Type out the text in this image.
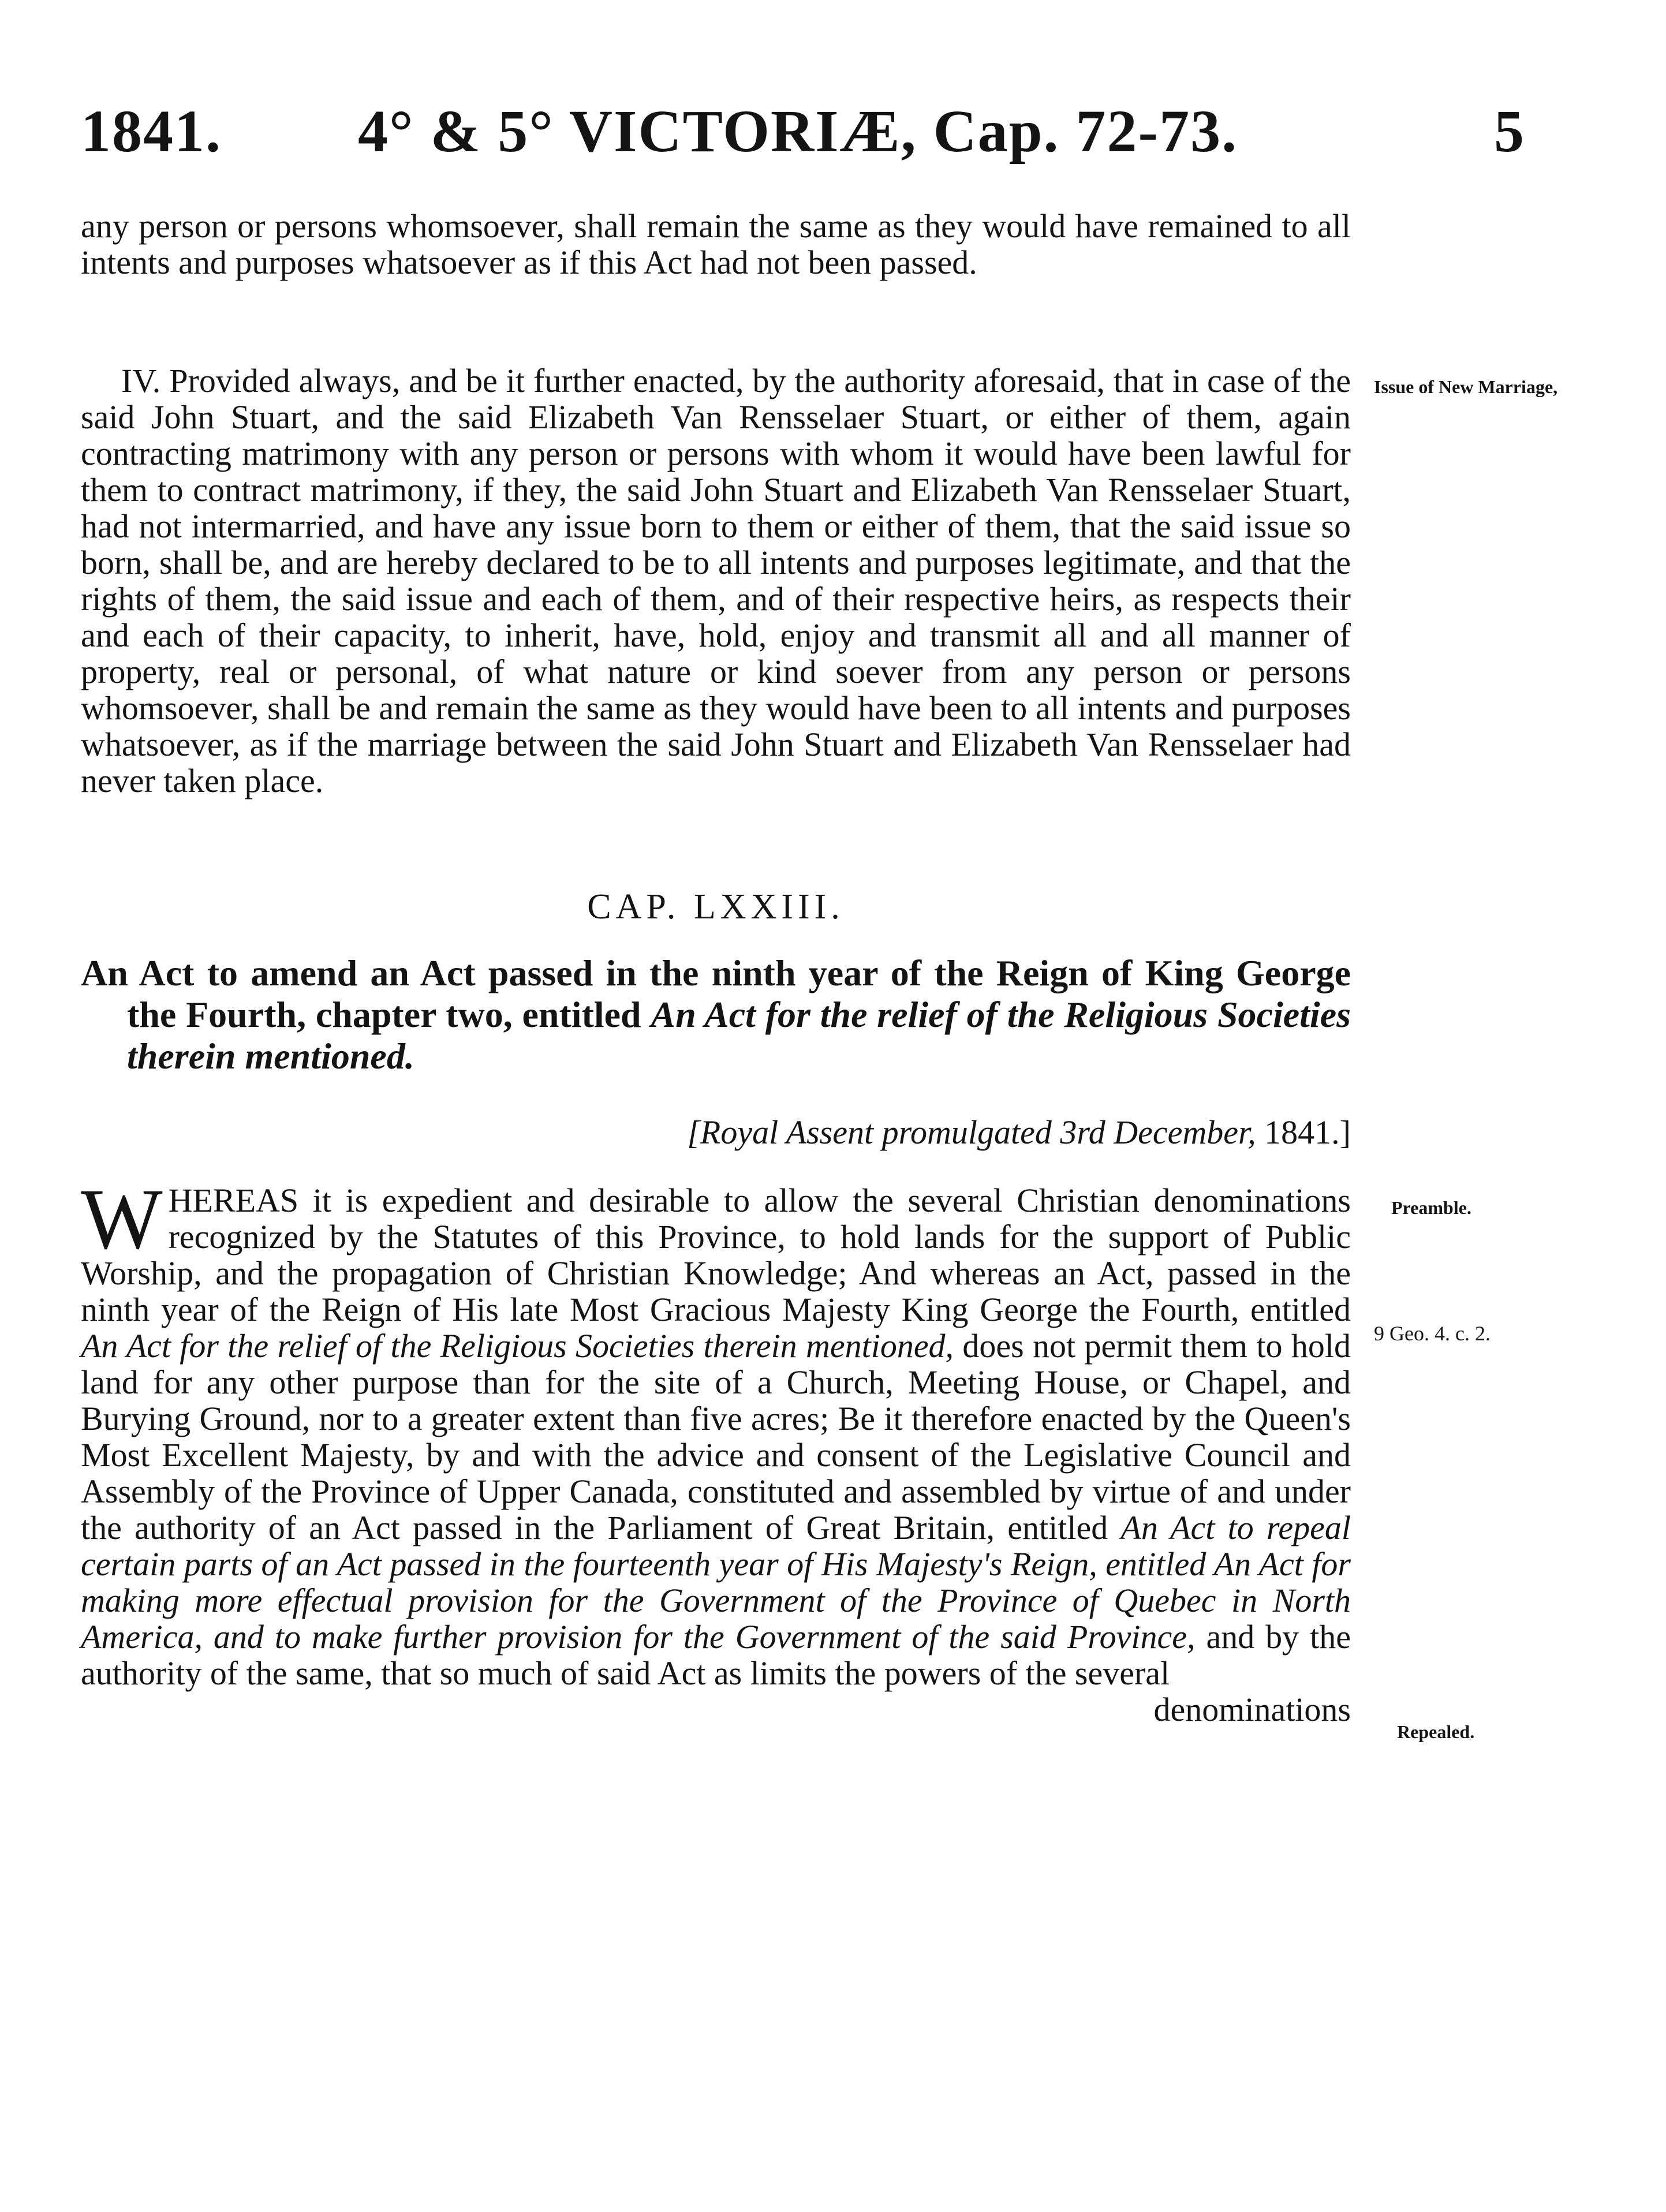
1841. 4° & 5° VICTORIÆ, Cap. 72-73.	5

any person or persons whomsoever, shall remain the same as they would have remained to all intents and purposes whatsoever as if this Act had not been passed.

IV. Provided always, and be it further enacted, by the authority aforesaid, that in case of the said John Stuart, and the said Elizabeth Van Rensselaer Stuart, or either of them, again contracting matrimony with any person or persons with whom it would have been lawful for them to contract matrimony, if they, the said John Stuart and Elizabeth Van Rensselaer Stuart, had not intermarried, and have any issue born to them or either of them, that the said issue so born, shall be, and are hereby declared to be to all intents and purposes legitimate, and that the rights of them, the said issue and each of them, and of their respective heirs, as respects their and each of their capacity, to inherit, have, hold, enjoy and transmit all and all manner of property, real or personal, of what nature or kind soever from any person or persons whomsoever, shall be and remain the same as they would have been to all intents and purposes whatsoever, as if the marriage between the said John Stuart and Elizabeth Van Rensselaer had never taken place.

Issue of New Marriage,
CAP. LXXIII.
An Act to amend an Act passed in the ninth year of the Reign of King George the Fourth, chapter two, entitled An Act for the relief of the Religious Societies therein mentioned.
[Royal Assent promulgated 3rd December, 1841.]

WHEREAS it is expedient and desirable to allow the several Christian denominations recognized by the Statutes of this Province, to hold lands for the support of Public Worship, and the propagation of Christian Knowledge; And whereas an Act, passed in the ninth year of the Reign of His late Most Gracious Majesty King George the Fourth, entitled An Act for the relief of the Religious Societies therein mentioned, does not permit them to hold land for any other purpose than for the site of a Church, Meeting House, or Chapel, and Burying Ground, nor to a greater extent than five acres; Be it therefore enacted by the Queen's Most Excellent Majesty, by and with the advice and consent of the Legislative Council and Assembly of the Province of Upper Canada, constituted and assembled by virtue of and under the authority of an Act passed in the Parliament of Great Britain, entitled An Act to repeal certain parts of an Act passed in the fourteenth year of His Majesty's Reign, entitled An Act for making more effectual provision for the Government of the Province of Quebec in North America, and to make further provision for the Government of the said Province, and by the authority of the same, that so much of said Act as limits the powers of the several

denominations
Preamble.
9 Geo. 4. c. 2.
Repealed.
